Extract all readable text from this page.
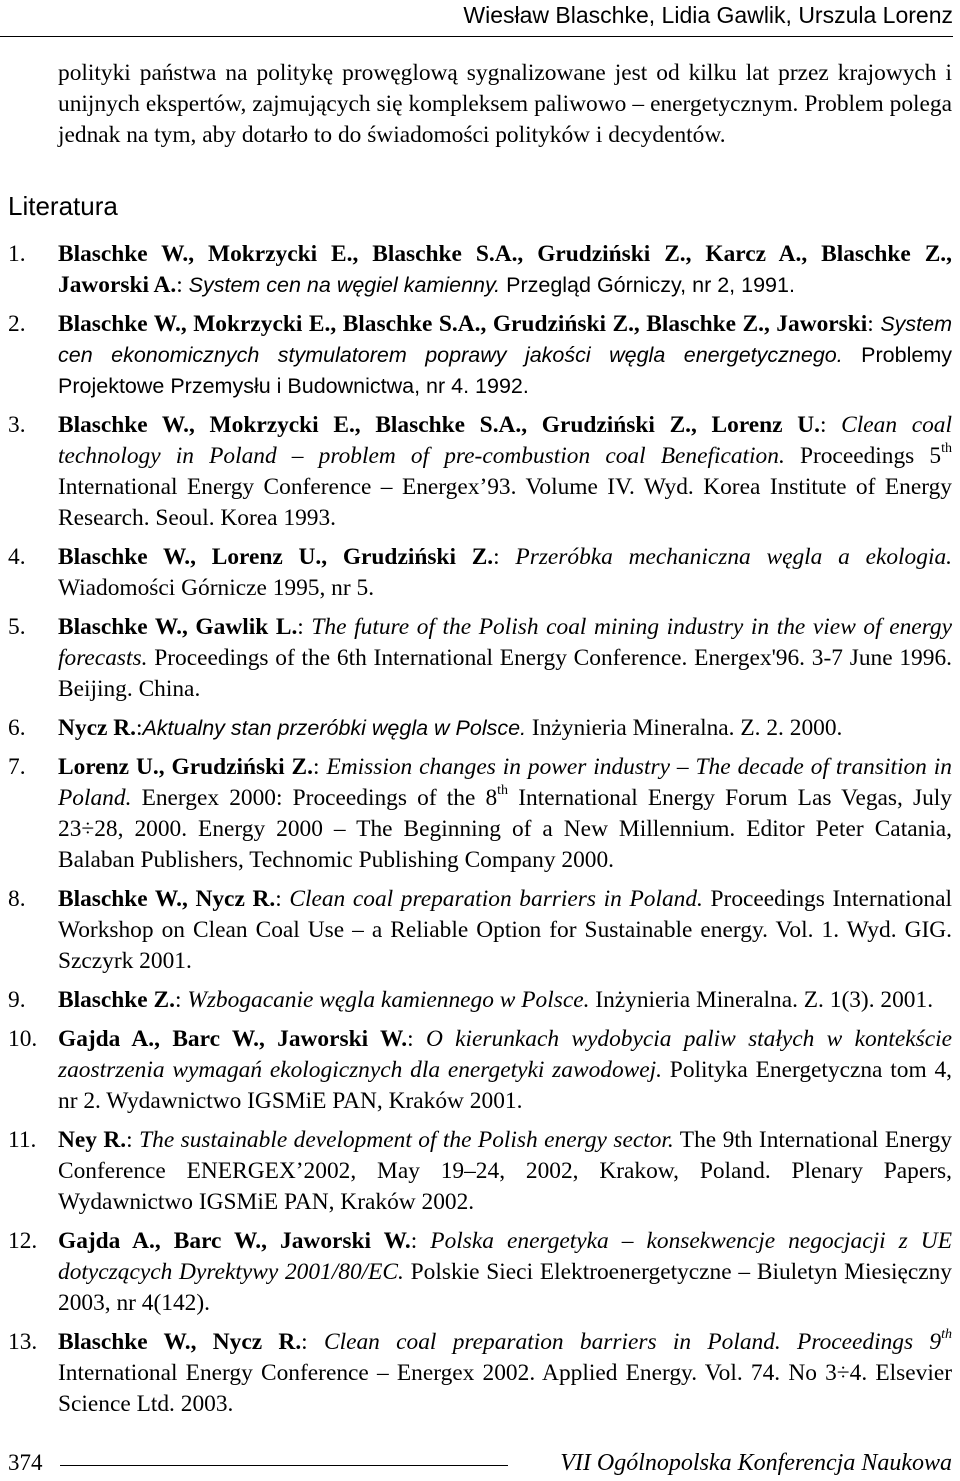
Wiesław Blaschke, Lidia Gawlik, Urszula Lorenz

polityki państwa na politykę prowęglową sygnalizowane jest od kilku lat przez krajowych i unijnych ekspertów, zajmujących się kompleksem paliwowo – energetycznym. Problem polega jednak na tym, aby dotarło to do świadomości polityków i decydentów.

Literatura
1. Blaschke W., Mokrzycki E., Blaschke S.A., Grudziński Z., Karcz A., Blaschke Z., Jaworski A.: System cen na węgiel kamienny. Przegląd Górniczy, nr 2, 1991.
2. Blaschke W., Mokrzycki E., Blaschke S.A., Grudziński Z., Blaschke Z., Jaworski: System cen ekonomicznych stymulatorem poprawy jakości węgla energetycznego. Problemy Projektowe Przemysłu i Budownictwa, nr 4. 1992.
3. Blaschke W., Mokrzycki E., Blaschke S.A., Grudziński Z., Lorenz U.: Clean coal technology in Poland – problem of pre-combustion coal Benefication. Proceedings 5th International Energy Conference – Energex’93. Volume IV. Wyd. Korea Institute of Energy Research. Seoul. Korea 1993.
4. Blaschke W., Lorenz U., Grudziński Z.: Przeróbka mechaniczna węgla a ekologia. Wiadomości Górnicze 1995, nr 5.
5. Blaschke W., Gawlik L.: The future of the Polish coal mining industry in the view of energy forecasts. Proceedings of the 6th International Energy Conference. Energex'96. 3-7 June 1996. Beijing. China.
6. Nycz R.:Aktualny stan przeróbki węgla w Polsce. Inżynieria Mineralna. Z. 2. 2000.
7. Lorenz U., Grudziński Z.: Emission changes in power industry – The decade of transition in Poland. Energex 2000: Proceedings of the 8th International Energy Forum Las Vegas, July 23÷28, 2000. Energy 2000 – The Beginning of a New Millennium. Editor Peter Catania, Balaban Publishers, Technomic Publishing Company 2000.
8. Blaschke W., Nycz R.: Clean coal preparation barriers in Poland. Proceedings International Workshop on Clean Coal Use – a Reliable Option for Sustainable energy. Vol. 1. Wyd. GIG. Szczyrk 2001.
9. Blaschke Z.: Wzbogacanie węgla kamiennego w Polsce. Inżynieria Mineralna. Z. 1(3). 2001.
10. Gajda A., Barc W., Jaworski W.: O kierunkach wydobycia paliw stałych w kontekście zaostrzenia wymagań ekologicznych dla energetyki zawodowej. Polityka Energetyczna tom 4, nr 2. Wydawnictwo IGSMiE PAN, Kraków 2001.
11. Ney R.: The sustainable development of the Polish energy sector. The 9th International Energy Conference ENERGEX’2002, May 19–24, 2002, Krakow, Poland. Plenary Papers, Wydawnictwo IGSMiE PAN, Kraków 2002.
12. Gajda A., Barc W., Jaworski W.: Polska energetyka – konsekwencje negocjacji z UE dotyczących Dyrektywy 2001/80/EC. Polskie Sieci Elektroenergetyczne – Biuletyn Miesięczny 2003, nr 4(142).
13. Blaschke W., Nycz R.: Clean coal preparation barriers in Poland. Proceedings 9th International Energy Conference – Energex 2002. Applied Energy. Vol. 74. No 3÷4. Elsevier Science Ltd. 2003.
374	VII Ogólnopolska Konferencja Naukowa
